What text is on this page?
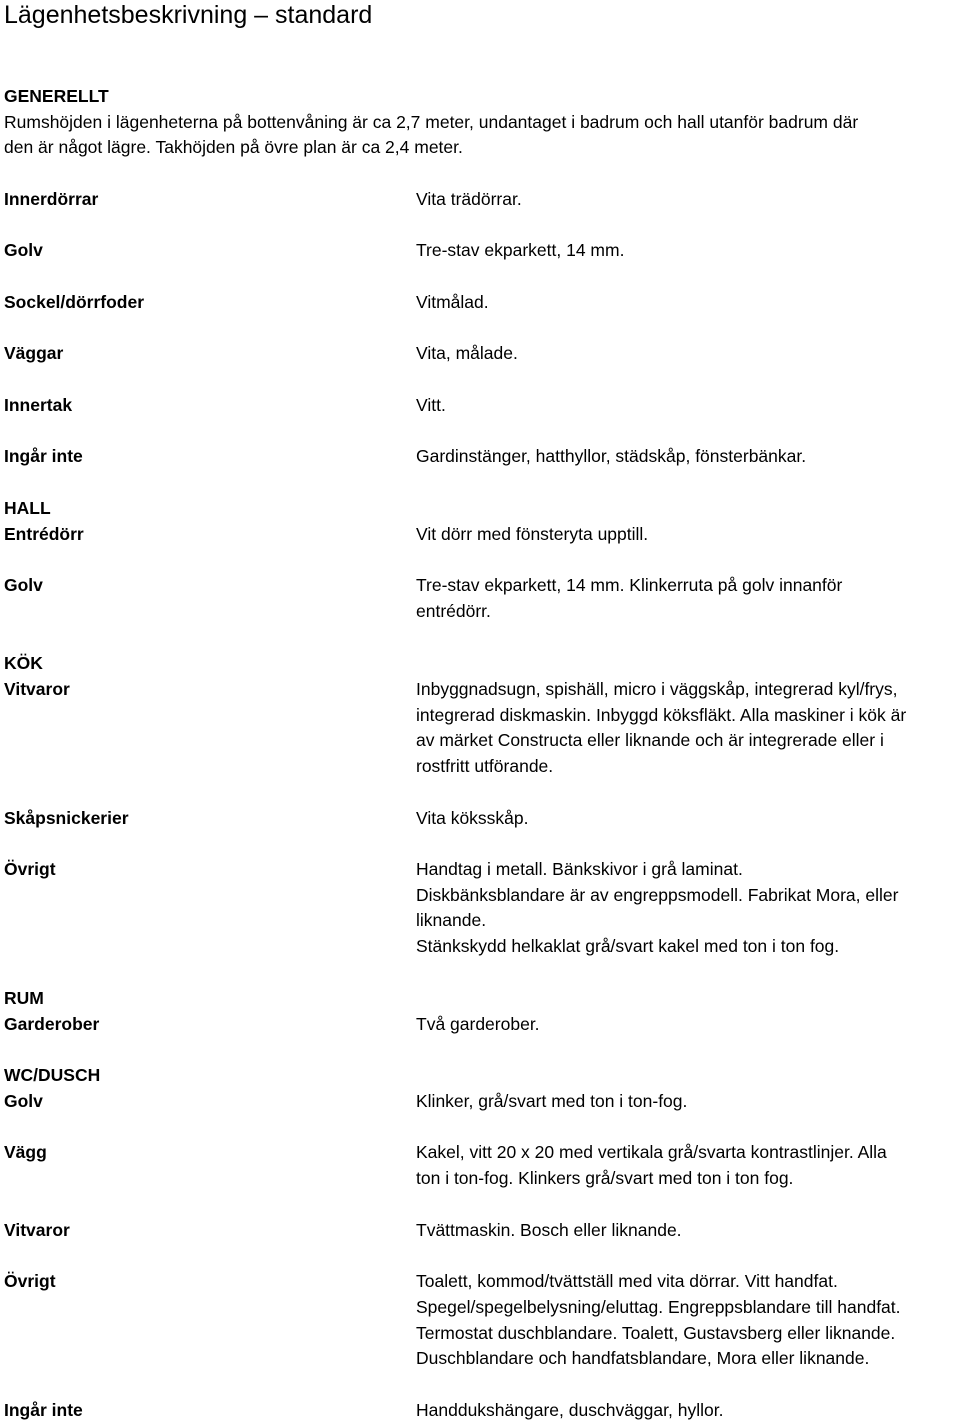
Lägenhetsbeskrivning – standard
GENERELLT
Rumshöjden i lägenheterna på bottenvåning är ca 2,7 meter, undantaget i badrum och hall utanför badrum där
den är något lägre. Takhöjden på övre plan är ca 2,4 meter.
Innerdörrar	Vita trädörrar.
Golv	Tre-stav ekparkett, 14 mm.
Sockel/dörrfoder	Vitmålad.
Väggar	Vita, målade.
Innertak	Vitt.
Ingår inte	Gardinstänger, hatthyllor, städskåp, fönsterbänkar.
HALL
Entrédörr	Vit dörr med fönsteryta upptill.
Golv	Tre-stav ekparkett, 14 mm. Klinkerruta på golv innanför
entrédörr.
KÖK
Vitvaror	Inbyggnadsugn, spishäll, micro i väggskåp, integrerad kyl/frys,
integrerad diskmaskin. Inbyggd köksfläkt. Alla maskiner i kök är
av märket Constructa eller liknande och är integrerade eller i
rostfritt utförande.
Skåpsnickerier	Vita köksskåp.
Övrigt	Handtag i metall. Bänkskivor i grå laminat.
Diskbänksblandare är av engreppsmodell. Fabrikat Mora, eller
liknande.
Stänkskydd helkaklat grå/svart kakel med ton i ton fog.
RUM
Garderober	Två garderober.
WC/DUSCH
Golv	Klinker, grå/svart med ton i ton-fog.
Vägg	Kakel, vitt 20 x 20 med vertikala grå/svarta kontrastlinjer. Alla
ton i ton-fog. Klinkers grå/svart med ton i ton fog.
Vitvaror	Tvättmaskin. Bosch eller liknande.
Övrigt	Toalett, kommod/tvättställ med vita dörrar. Vitt handfat.
Spegel/spegelbelysning/eluttag. Engreppsblandare till handfat.
Termostat duschblandare. Toalett, Gustavsberg eller liknande.
Duschblandare och handfatsblandare, Mora eller liknande.
Ingår inte	Handdukshängare, duschväggar, hyllor.
